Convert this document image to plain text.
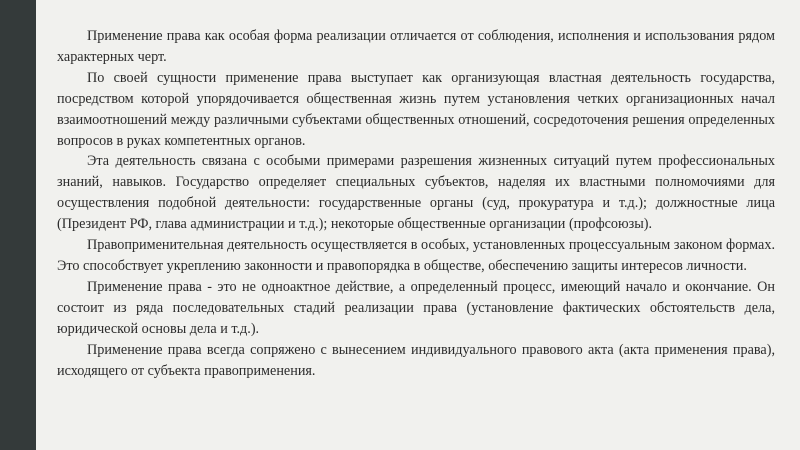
Применение права как особая форма реализации отличается от соблюдения, исполнения и использования рядом характерных черт.

По своей сущности применение права выступает как организующая властная деятельность государства, посредством которой упорядочивается общественная жизнь путем установления четких организационных начал взаимоотношений между различными субъектами общественных отношений, сосредоточения решения определенных вопросов в руках компетентных органов.

Эта деятельность связана с особыми примерами разрешения жизненных ситуаций путем профессиональных знаний, навыков. Государство определяет специальных субъектов, наделяя их властными полномочиями для осуществления подобной деятельности: государственные органы (суд, прокуратура и т.д.); должностные лица (Президент РФ, глава администрации и т.д.); некоторые общественные организации (профсоюзы).

Правоприменительная деятельность осуществляется в особых, установленных процессуальным законом формах. Это способствует укреплению законности и правопорядка в обществе, обеспечению защиты интересов личности.

Применение права - это не одноактное действие, а определенный процесс, имеющий начало и окончание. Он состоит из ряда последовательных стадий реализации права (установление фактических обстоятельств дела, юридической основы дела и т.д.).

Применение права всегда сопряжено с вынесением индивидуального правового акта (акта применения права), исходящего от субъекта правоприменения.
